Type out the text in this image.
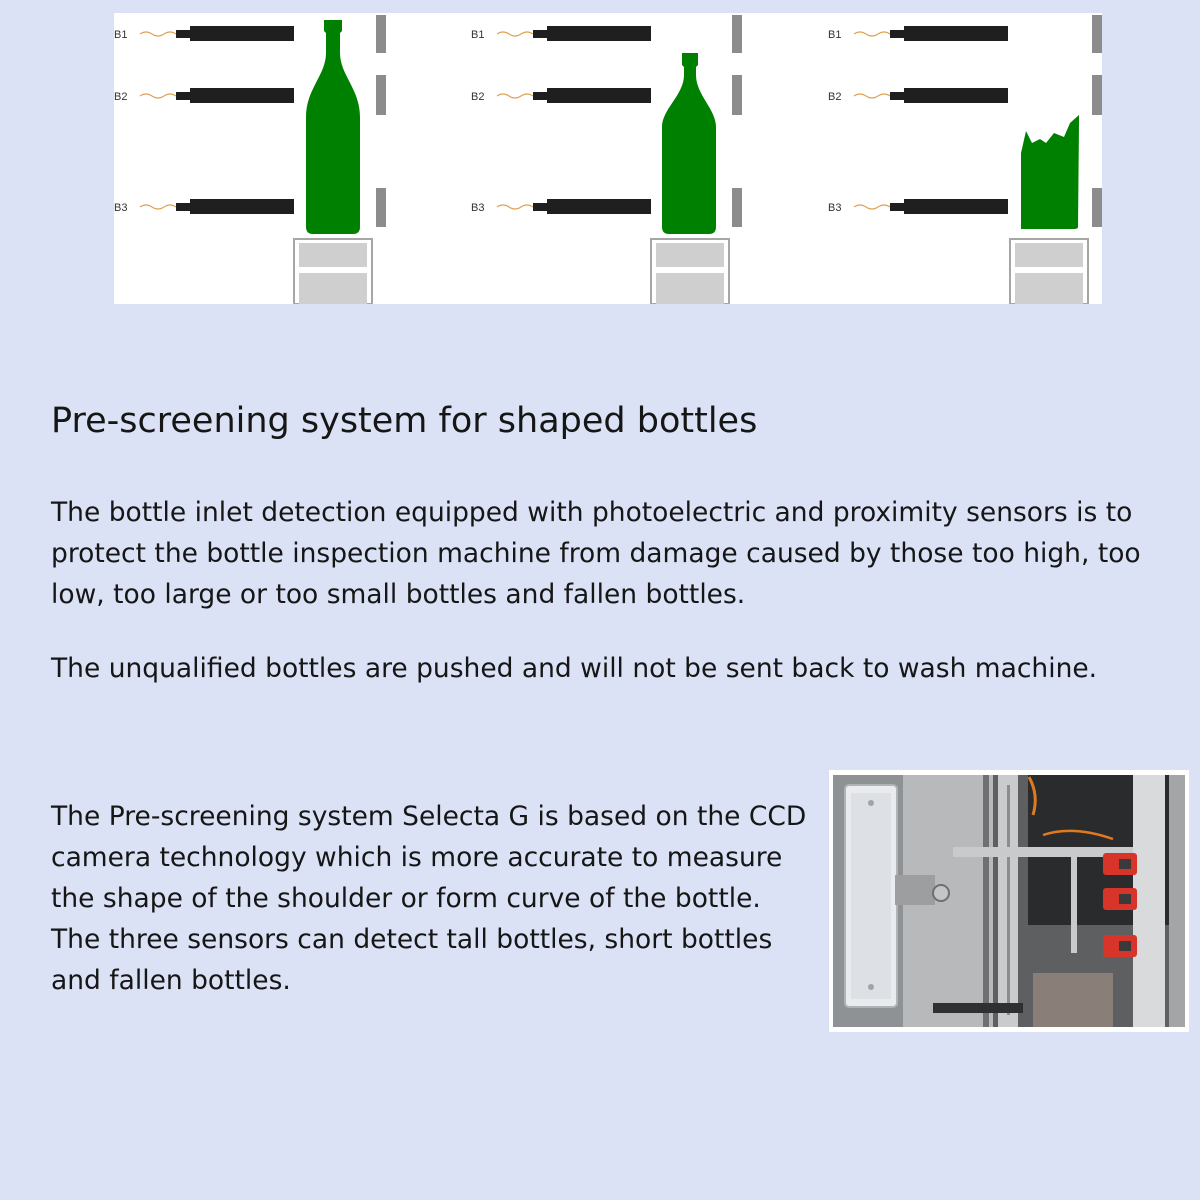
B1
B2
B3
B1
B2
B3
B1
B2
B3
Pre-screening system for shaped bottles

The bottle inlet detection equipped with photoelectric and proximity sensors is to protect the bottle inspection machine from damage caused by those too high, too low, too large or too small bottles and fallen bottles.

The unqualified bottles are pushed and will not be sent back to wash machine.

The Pre-screening system Selecta G is based on the CCD camera technology which is more accurate to measure the shape of the shoulder or form curve of the bottle. The three sensors can detect tall bottles, short bottles and fallen bottles.
